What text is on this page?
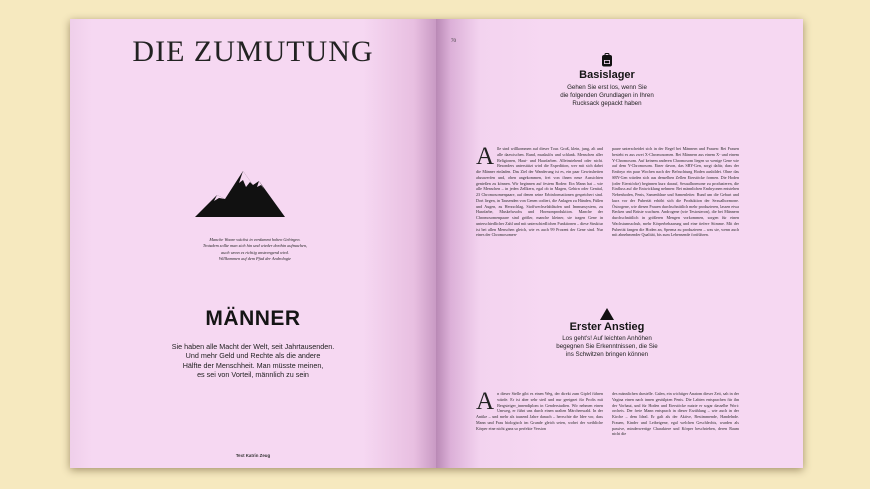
DIE ZUMUTUNG
Manche Waare wächst in verdammt hohen Gebirgen.
Trotzdem sollte man sich hin und wieder dorthin aufmachen,
auch wenn es richtig anstrengend wird.
Willkommen auf dem Pfad der Andrologie
MÄNNER
Sie haben alle Macht der Welt, seit Jahrtausenden.
Und mehr Geld und Rechte als die andere
Hälfte der Menschheit. Man müsste meinen,
es sei von Vorteil, männlich zu sein
Text Katrin Zeug
70
Basislager
Gehen Sie erst los, wenn Sie
die folgenden Grundlagen in Ihren
Rucksack gepackt haben
Alle sind willkommen auf dieser Tour. Groß, klein, jung, alt und alle dazwischen. Rund, muskulös und schlank. Menschen aller Religionen, Haut- und Haarfarben. Alleinstehend oder nicht. Besonders unterstützt wird die Expedition, wer mit sich dabei die Männer einladen. Das Ziel der Wanderung ist es, ein paar Gewissheiten abzuwerfen und, oben angekommen, frei von ihnen neue Aussichten genießen zu können. Wir beginnen auf festem Boden: Ein Mann hat – wie alle Menschen – in jeden Zellkern, egal ob in Magen, Gehirn oder Genital, 23 Chromosomenpaare, auf denen seine Erbinformationen gespeichert sind. Dort liegen, in Tausenden von Genen codiert, die Anlagen zu Händen, Füßen und Augen, zu Herzschlag, Stoffwechselabläufen und Immunsystem, zu Haarfarbe, Muskelwuchs und Hormonproduktion. Manche der Chromosomenpaare sind größer, manche kleiner, sie tragen Gene in unterschiedlicher Zahl und mit unterschiedlichen Funktionen – diese Struktur ist bei allen Menschen gleich, wie es auch 99 Prozent der Gene sind. Nur eines der Chromosomen-
paare unterscheidet sich in der Regel bei Männern und Frauen: Bei Frauen besteht es aus zwei X-Chromosomen. Bei Männern aus einem X- und einem Y-Chromosom. Auf keinem anderen Chromosom liegen so wenige Gene wie auf dem Y-Chromosom. Einer davon, das SRY-Gen, sorgt dafür, dass der Embryo ein paar Wochen nach der Befruchtung Hoden ausbildet. Ohne das SRY-Gen würden sich aus denselben Zellen Eierstöcke formen. Die Hoden (oder Eierstöcke) beginnen kurz darauf, Sexualhormone zu produzieren, die Einfluss auf die Entwicklung nehmen: Bei männlichen Embryonen entstehen Nebenhoden, Penis, Samenblase und Samenleiter. Rund um die Geburt und kurz vor der Pubertät erhöht sich die Produktion der Sexualhormone. Östrogene, wie diesen Frauen durchschnittlich mehr produzieren, lassen etwa Becken und Brüste wachsen. Androgene (wie Testosteron), die bei Männern durchschnittlich in größeren Mengen vorkommen, sorgen für einen Wachstumsschub, mehr Körperbehaarung und eine tiefere Stimme. Mit der Pubertät fangen die Hoden an, Sperma zu produzieren – was sie, wenn auch mit abnehmender Qualität, bis zum Lebensende fortführen.
Erster Anstieg
Los geht's! Auf leichten Anhöhen
begegnen Sie Erkenntnissen, die Sie
ins Schwitzen bringen können
An dieser Stelle gibt es einen Weg, der direkt zum Gipfel führen würde. Er ist aber sehr steil und nur geeignet für Profis mit Bergsteiger_innendiplom in Genderstudien. Wir nehmen einen Umweg, er führt uns durch einen uralten Märchenwald. In der Antike – und mehr als tausend Jahre danach – herrschte die Idee vor, dass Mann und Frau biologisch im Grunde gleich seien, wobei der weibliche Körper eine nicht ganz so perfekte Version
des männlichen darstelle. Galen, ein wichtiger Anatom dieser Zeit, sah in der Vagina einen nach innen gestülpten Penis. Die Labien entsprachen für ihn der Vorhaut, und für Hoden und Eierstöcke nutzte er sogar dasselbe Wort: orcheis. Der freie Mann entsprach in dieser Erzählung – wie auch in der Kirche – dem Ideal. Er galt als der Aktive, Bestimmende, Handelnde. Frauen, Kinder und Leibeigene, egal welchen Geschlechts, wurden als passive, minderwertige Charaktere und Körper beschrieben, deren Raum nicht die
